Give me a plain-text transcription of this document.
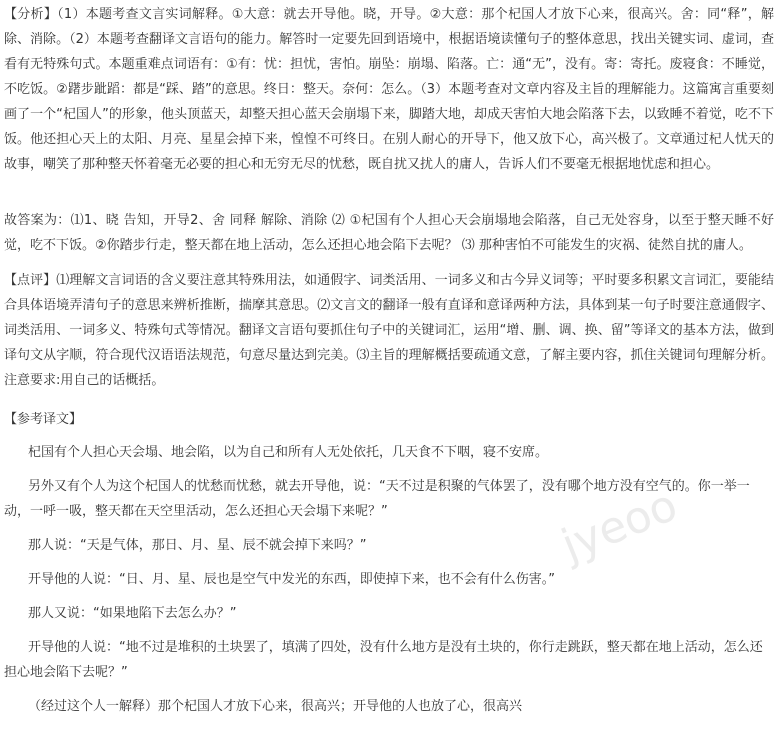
【分析】（1）本题考查文言实词解释。①大意：就去开导他。晓，开导。②大意：那个杞国人才放下心来，很高兴。舍：同“释”，解除、消除。（2）本题考查翻译文言语句的能力。解答时一定要先回到语境中，根据语境读懂句子的整体意思，找出关键实词、虚词，查看有无特殊句式。本题重难点词语有：①有：忧：担忧，害怕。崩坠：崩塌、陷落。亡：通“无”，没有。寄：寄托。废寝食：不睡觉，不吃饭。②躇步跐蹈：都是“踩、踏”的意思。终日：整天。奈何：怎么。（3）本题考查对文章内容及主旨的理解能力。这篇寓言重要刻画了一个“杞国人”的形象，他头顶蓝天，却整天担心蓝天会崩塌下来，脚踏大地，却成天害怕大地会陷落下去，以致睡不着觉，吃不下饭。他还担心天上的太阳、月亮、星星会掉下来，惶惶不可终日。在别人耐心的开导下，他又放下心，高兴极了。文章通过杞人忧天的故事，嘲笑了那种整天怀着毫无必要的担心和无穷无尽的忧愁，既自扰又扰人的庸人，告诉人们不要毫无根据地忧虑和担心。

故答案为：⑴1、晓 告知，开导2、舍 同释 解除、消除 ⑵ ①杞国有个人担心天会崩塌地会陷落，自己无处容身，以至于整天睡不好觉，吃不下饭。②你踏步行走，整天都在地上活动，怎么还担心地会陷下去呢？ ⑶ 那种害怕不可能发生的灾祸、徒然自扰的庸人。

【点评】⑴理解文言词语的含义要注意其特殊用法，如通假字、词类活用、一词多义和古今异义词等；平时要多积累文言词汇，要能结合具体语境弄清句子的意思来辨析推断，揣摩其意思。⑵文言文的翻译一般有直译和意译两种方法，具体到某一句子时要注意通假字、词类活用、一词多义、特殊句式等情况。翻译文言语句要抓住句子中的关键词汇，运用“增、删、调、换、留”等译文的基本方法，做到译句文从字顺，符合现代汉语语法规范，句意尽量达到完美。⑶主旨的理解概括要疏通文意，了解主要内容，抓住关键词句理解分析。注意要求:用自己的话概括。

【参考译文】

杞国有个人担心天会塌、地会陷，以为自己和所有人无处依托，几天食不下咽，寝不安席。

另外又有个人为这个杞国人的忧愁而忧愁，就去开导他，说：“天不过是积聚的气体罢了，没有哪个地方没有空气的。你一举一动，一呼一吸，整天都在天空里活动，怎么还担心天会塌下来呢？”

那人说：“天是气体，那日、月、星、辰不就会掉下来吗？”

开导他的人说：“日、月、星、辰也是空气中发光的东西，即使掉下来，也不会有什么伤害。”

那人又说：“如果地陷下去怎么办？”

开导他的人说：“地不过是堆积的土块罢了，填满了四处，没有什么地方是没有土块的，你行走跳跃，整天都在地上活动，怎么还担心地会陷下去呢？”

（经过这个人一解释）那个杞国人才放下心来，很高兴；开导他的人也放了心，很高兴

jyeoo
